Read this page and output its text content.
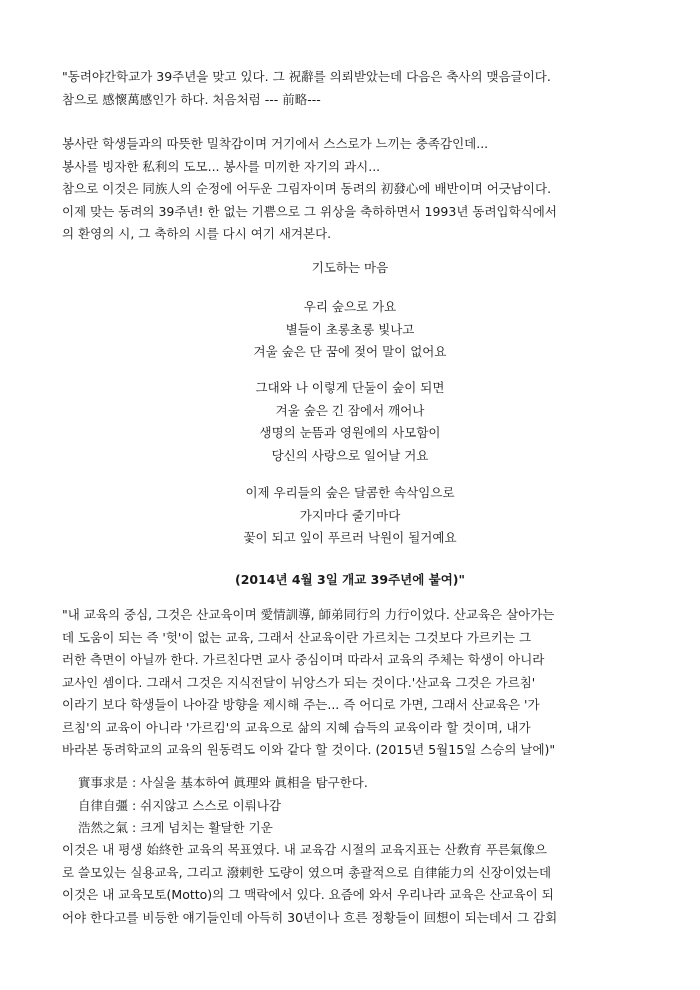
"동려야간학교가 39주년을 맞고 있다. 그 祝辭를 의뢰받았는데 다음은 축사의 맺음글이다.
참으로 感懷萬感인가 하다. 처음처럼 --- 前略---
봉사란 학생들과의 따뜻한 밀착감이며 거기에서 스스로가 느끼는 충족감인데...
봉사를 빙자한 私利의 도모... 봉사를 미끼한 자기의 과시...
참으로 이것은 同族人의 순정에 어두운 그림자이며 동려의 初發心에 배반이며 어긋남이다.
이제 맞는 동려의 39주년! 한 없는 기쁨으로 그 위상을 축하하면서 1993년 동려입학식에서
의 환영의 시, 그 축하의 시를 다시 여기 새겨본다.
기도하는 마음
우리 숲으로 가요
별들이 초롱초롱 빛나고
겨울 숲은 단 꿈에 젖어 말이 없어요
그대와 나 이렇게 단둘이 숲이 되면
겨울 숲은 긴 잠에서 깨어나
생명의 눈뜸과 영원에의 사모함이
당신의 사랑으로 일어날 거요
이제 우리들의 숲은 달콤한 속삭임으로
가지마다 줄기마다
꽃이 되고 잎이 푸르러 낙원이 될거예요
(2014년 4월 3일 개교 39주년에 붙여)"
"내 교육의 중심, 그것은 산교육이며 愛情訓導, 師弟同行의 力行이었다. 산교육은 살아가는
데 도움이 되는 즉 '헛'이 없는 교육, 그래서 산교육이란 가르치는 그것보다 가르키는 그
러한 측면이 아닐까 한다. 가르친다면 교사 중심이며 따라서 교육의 주체는 학생이 아니라
교사인 셈이다. 그래서 그것은 지식전달이 뉘앙스가 되는 것이다.'산교육 그것은 가르침'
이라기 보다 학생들이 나아갈 방향을 제시해 주는... 즉 어디로 가면, 그래서 산교육은 '가
르침'의 교육이 아니라 '가르킴'의 교육으로 삶의 지혜 습득의 교육이라 할 것이며, 내가
바라본 동려학교의 교육의 원동력도 이와 같다 할 것이다. (2015년 5월15일 스승의 날에)"
實事求是 : 사실을 基本하여 眞理와 眞相을 탐구한다.
自律自彊 : 쉬지않고 스스로 이뤄나감
浩然之氣 : 크게 넘치는 활달한 기운
이것은 내 평생 始終한 교육의 목표였다. 내 교육감 시절의 교육지표는 산敎育 푸른氣像으
로 쓸모있는 실용교육, 그리고 潑剌한 도량이 였으며 총괄적으로 自律能力의 신장이었는데
이것은 내 교육모토(Motto)의 그 맥락에서 있다. 요즘에 와서 우리나라 교육은 산교육이 되
어야 한다고를 비등한 얘기들인데 아득히 30년이나 흐른 정황들이 回想이 되는데서 그 감회
